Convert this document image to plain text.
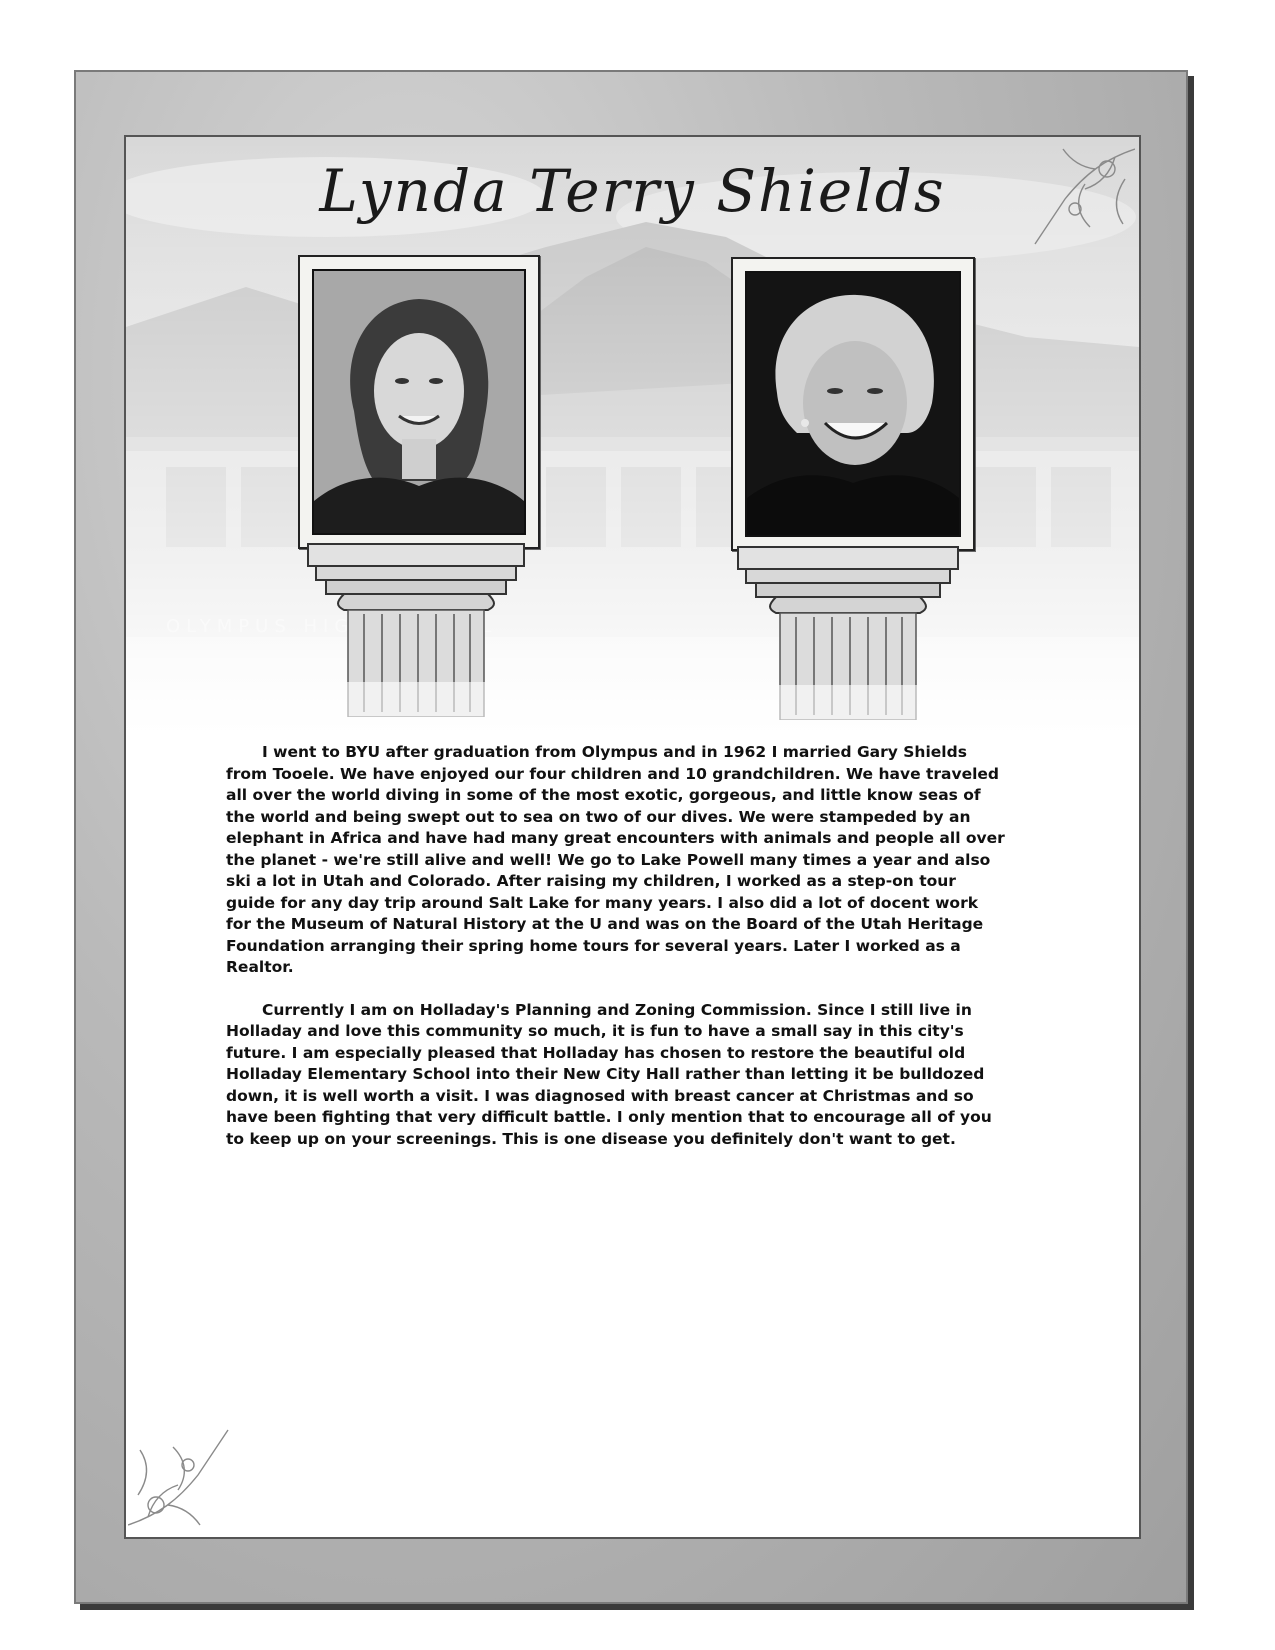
Lynda Terry Shields

I went to BYU after graduation from Olympus and in 1962 I married Gary Shields from Tooele. We have enjoyed our four children and 10 grandchildren. We have traveled all over the world diving in some of the most exotic, gorgeous, and little know seas of the world and being swept out to sea on two of our dives. We were stampeded by an elephant in Africa and have had many great encounters with animals and people all over the planet - we're still alive and well! We go to Lake Powell many times a year and also ski a lot in Utah and Colorado. After raising my children, I worked as a step-on tour guide for any day trip around Salt Lake for many years. I also did a lot of docent work for the Museum of Natural History at the U and was on the Board of the Utah Heritage Foundation arranging their spring home tours for several years. Later I worked as a Realtor.

Currently I am on Holladay's Planning and Zoning Commission. Since I still live in Holladay and love this community so much, it is fun to have a small say in this city's future. I am especially pleased that Holladay has chosen to restore the beautiful old Holladay Elementary School into their New City Hall rather than letting it be bulldozed down, it is well worth a visit. I was diagnosed with breast cancer at Christmas and so have been fighting that very difficult battle. I only mention that to encourage all of you to keep up on your screenings. This is one disease you definitely don't want to get.
